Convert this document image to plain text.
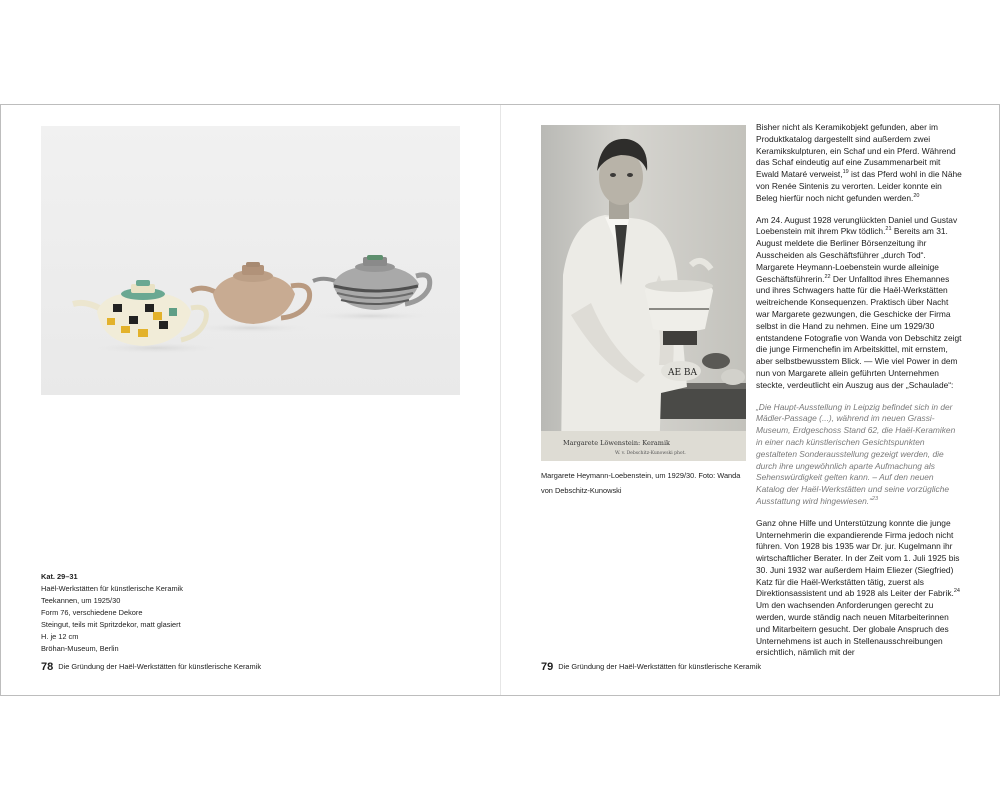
Kat. 29–31
Haël-Werkstätten für künstlerische Keramik
Teekannen, um 1925/30
Form 76, verschiedene Dekore
Steingut, teils mit Spritzdekor, matt glasiert
H. je 12 cm
Bröhan-Museum, Berlin
78 Die Gründung der Haël-Werkstätten für künstlerische Keramik
AE BA
Margarete Löwenstein: Keramik
W. v. Debschitz-Kunowski phot.
Margarete Heymann-Loebenstein, um 1929/30. Foto: Wanda von Debschitz-Kunowski

Bisher nicht als Keramikobjekt gefunden, aber im Produktkatalog dargestellt sind außerdem zwei Keramikskulpturen, ein Schaf und ein Pferd. Während das Schaf eindeutig auf eine Zusammenarbeit mit Ewald Mataré verweist,$^{19}$ ist das Pferd wohl in die Nähe von Renée Sintenis zu verorten. Leider konnte ein Beleg hierfür noch nicht gefunden werden.$^{20}$

Am 24. August 1928 verunglückten Daniel und Gustav Loebenstein mit ihrem Pkw tödlich.$^{21}$ Bereits am 31. August meldete die Berliner Börsenzeitung ihr Ausscheiden als Geschäftsführer „durch Tod“. Margarete Heymann-Loebenstein wurde alleinige Geschäftsführerin.$^{22}$ Der Unfalltod ihres Ehemannes und ihres Schwagers hatte für die Haël-Werkstätten weitreichende Konsequenzen. Praktisch über Nacht war Margarete gezwungen, die Geschicke der Firma selbst in die Hand zu nehmen. Eine um 1929/30 entstandene Fotografie von Wanda von Debschitz zeigt die junge Firmenchefin im Arbeitskittel, mit ernstem, aber selbstbewusstem Blick. — Wie viel Power in dem nun von Margarete allein geführten Unternehmen steckte, verdeutlicht ein Auszug aus der „Schaulade“:

„Die Haupt-Ausstellung in Leipzig befindet sich in der Mädler-Passage (...), während im neuen Grassi-Museum, Erdgeschoss Stand 62, die Haël-Keramiken in einer nach künstlerischen Gesichtspunkten gestalteten Sonderausstellung gezeigt werden, die durch ihre ungewöhnlich aparte Aufmachung als Sehenswürdigkeit gelten kann. – Auf den neuen Katalog der Haël-Werkstätten und seine vorzügliche Ausstattung wird hingewiesen.“$^{23}$

Ganz ohne Hilfe und Unterstützung konnte die junge Unternehmerin die expandierende Firma jedoch nicht führen. Von 1928 bis 1935 war Dr. jur. Kugelmann ihr wirtschaftlicher Berater. In der Zeit vom 1. Juli 1925 bis 30. Juni 1932 war außerdem Haim Eliezer (Siegfried) Katz für die Haël-Werkstätten tätig, zuerst als Direktionsassistent und ab 1928 als Leiter der Fabrik.$^{24}$ Um den wachsenden Anforderungen gerecht zu werden, wurde ständig nach neuen Mitarbeiterinnen und Mitarbeitern gesucht. Der globale Anspruch des Unternehmens ist auch in Stellenausschreibungen ersichtlich, nämlich mit der

79 Die Gründung der Haël-Werkstätten für künstlerische Keramik
